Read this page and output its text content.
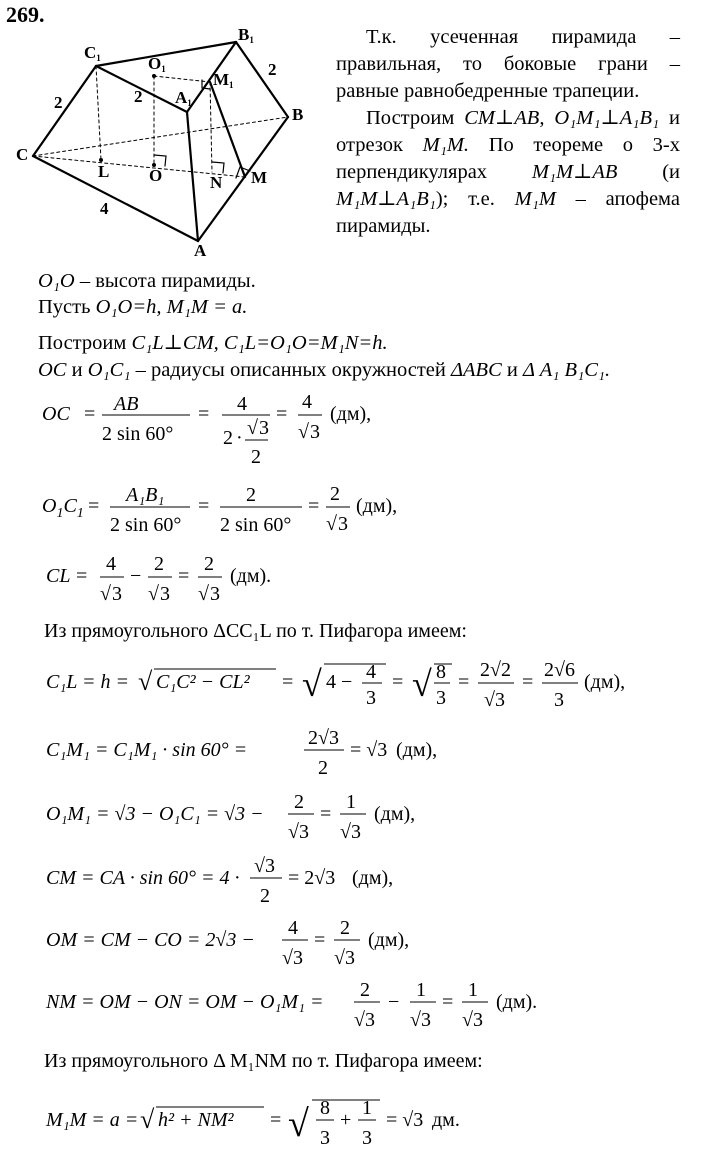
269.
C1	O1
B1
M1
A1
C
B
A
L O	N M
2	2
2
4

Т.к. усеченная пирамида – правильная, то боковые грани – равные равнобедренные трапеции.

Построим CM⊥AB, O₁M₁⊥A₁B₁ и отрезок M₁M. По теореме о 3-х перпендикулярах M₁M⊥AB (и M₁M⊥A₁B₁); т.е. M₁M – апофема пирамиды.

O₁O – высота пирамиды.
Пусть O₁O=h, M₁M = a.
Построим C₁L⊥CM, C₁L=O₁O=M₁N=h.
OC и O₁C₁ – радиусы описанных окружностей ΔABC и Δ A₁ B₁C₁.
OC = AB
2 sin 60°
= 4
2 · √ 3
2
=
4
√ 3
(дм),
$O_1C_1 = A_1B_1$
2 sin 60°
= 2
2 sin 60°
=
2
√ 3
(дм),
CL =
4
√ 3
−
2
√ 3
=
2
√ 3
(дм).
Из прямоугольного ΔCC₁L по т. Пифагора имеем:
C₁L = h = √ C₁C² − CL² = √ 4 − 4
3
= √ 8
3
=
2√2
√3
=
2√6
3
(дм),
C₁M₁ = C₁M₁ · sin 60° =
2√3
2
= √3 (дм),
O₁M₁ = √3 − O₁C₁ = √3 −
2
√3
=
1
√3
(дм),
CM = CA · sin 60° = 4 ·
√3
2
= 2√3 (дм),
OM = CM − CO = 2√3 −
4
√3
=
2
√3
(дм),
NM = OM − ON = OM − O₁M₁ =
2
√3
−
1
√3
=
1
√3
(дм).
Из прямоугольного Δ M₁NM по т. Пифагора имеем:
M₁M = a = √ h² + NM² = √ 8
3
+
1
3
= √3 дм.
